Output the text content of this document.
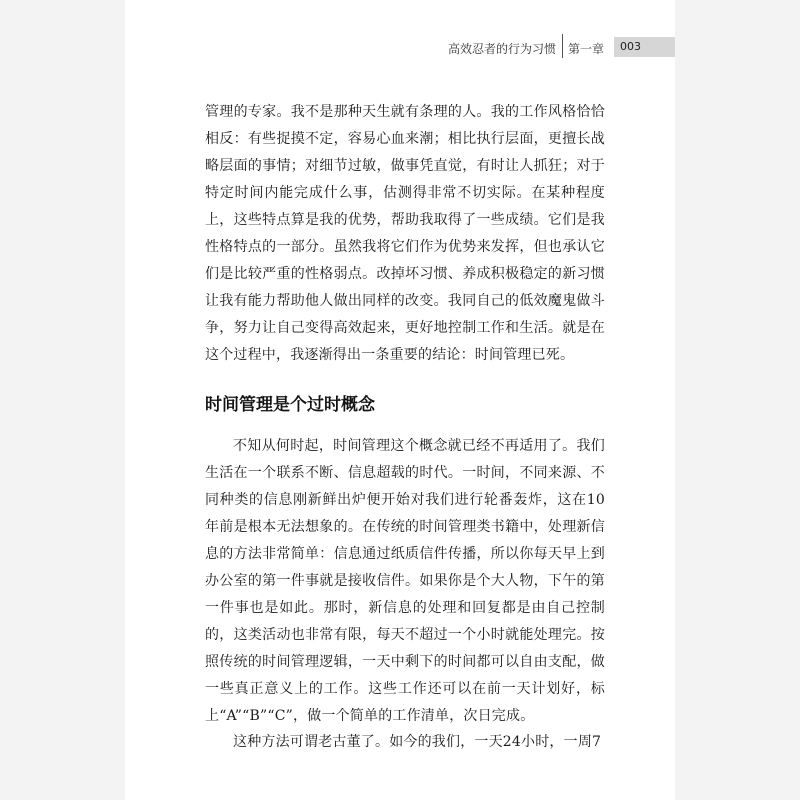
高效忍者的行为习惯 第一章 003

管理的专家。我不是那种天生就有条理的人。我的工作风格恰恰相反：有些捉摸不定，容易心血来潮；相比执行层面，更擅长战略层面的事情；对细节过敏，做事凭直觉，有时让人抓狂；对于特定时间内能完成什么事，估测得非常不切实际。在某种程度上，这些特点算是我的优势，帮助我取得了一些成绩。它们是我性格特点的一部分。虽然我将它们作为优势来发挥，但也承认它们是比较严重的性格弱点。改掉坏习惯、养成积极稳定的新习惯让我有能力帮助他人做出同样的改变。我同自己的低效魔鬼做斗争，努力让自己变得高效起来，更好地控制工作和生活。就是在这个过程中，我逐渐得出一条重要的结论：时间管理已死。

时间管理是个过时概念

不知从何时起，时间管理这个概念就已经不再适用了。我们生活在一个联系不断、信息超载的时代。一时间，不同来源、不同种类的信息刚新鲜出炉便开始对我们进行轮番轰炸，这在10年前是根本无法想象的。在传统的时间管理类书籍中，处理新信息的方法非常简单：信息通过纸质信件传播，所以你每天早上到办公室的第一件事就是接收信件。如果你是个大人物，下午的第一件事也是如此。那时，新信息的处理和回复都是由自己控制的，这类活动也非常有限，每天不超过一个小时就能处理完。按照传统的时间管理逻辑，一天中剩下的时间都可以自由支配，做一些真正意义上的工作。这些工作还可以在前一天计划好，标上“A”“B”“C”，做一个简单的工作清单，次日完成。

这种方法可谓老古董了。如今的我们，一天24小时，一周7
